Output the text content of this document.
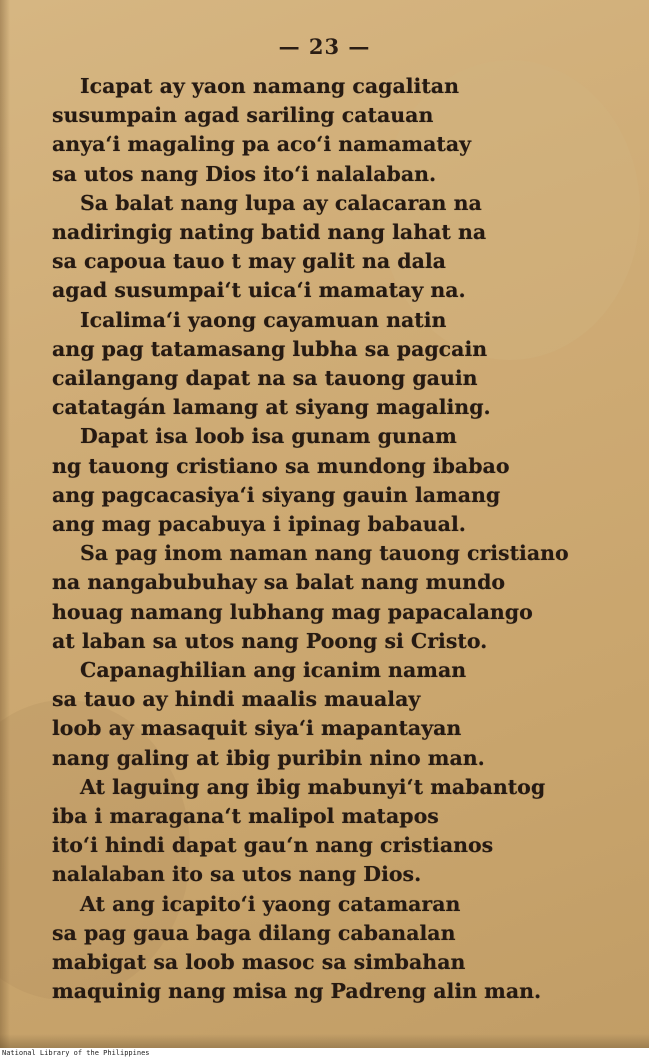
— 23 —
Icapat ay yaon namang cagalitan
susumpain agad sariling catauan
anya‘i magaling pa aco‘i namamatay
sa utos nang Dios ito‘i nalalaban.
Sa balat nang lupa ay calacaran na
nadiringig nating batid nang lahat na
sa capoua tauo t may galit na dala
agad susumpai‘t uica‘i mamatay na.
Icalima‘i yaong cayamuan natin
ang pag tatamasang lubha sa pagcain
cailangang dapat na sa tauong gauin
catatagán lamang at siyang magaling.
Dapat isa loob isa gunam gunam
ng tauong cristiano sa mundong ibabao
ang pagcacasiya‘i siyang gauin lamang
ang mag pacabuya i ipinag babaual.
Sa pag inom naman nang tauong cristiano
na nangabubuhay sa balat nang mundo
houag namang lubhang mag papacalango
at laban sa utos nang Poong si Cristo.
Capanaghilian ang icanim naman
sa tauo ay hindi maalis maualay
loob ay masaquit siya‘i mapantayan
nang galing at ibig puribin nino man.
At laguing ang ibig mabunyi‘t mabantog
iba i maragana‘t malipol matapos
ito‘i hindi dapat gau‘n nang cristianos
nalalaban ito sa utos nang Dios.
At ang icapito‘i yaong catamaran
sa pag gaua baga dilang cabanalan
mabigat sa loob masoc sa simbahan
maquinig nang misa ng Padreng alin man.
National Library of the Philippines
